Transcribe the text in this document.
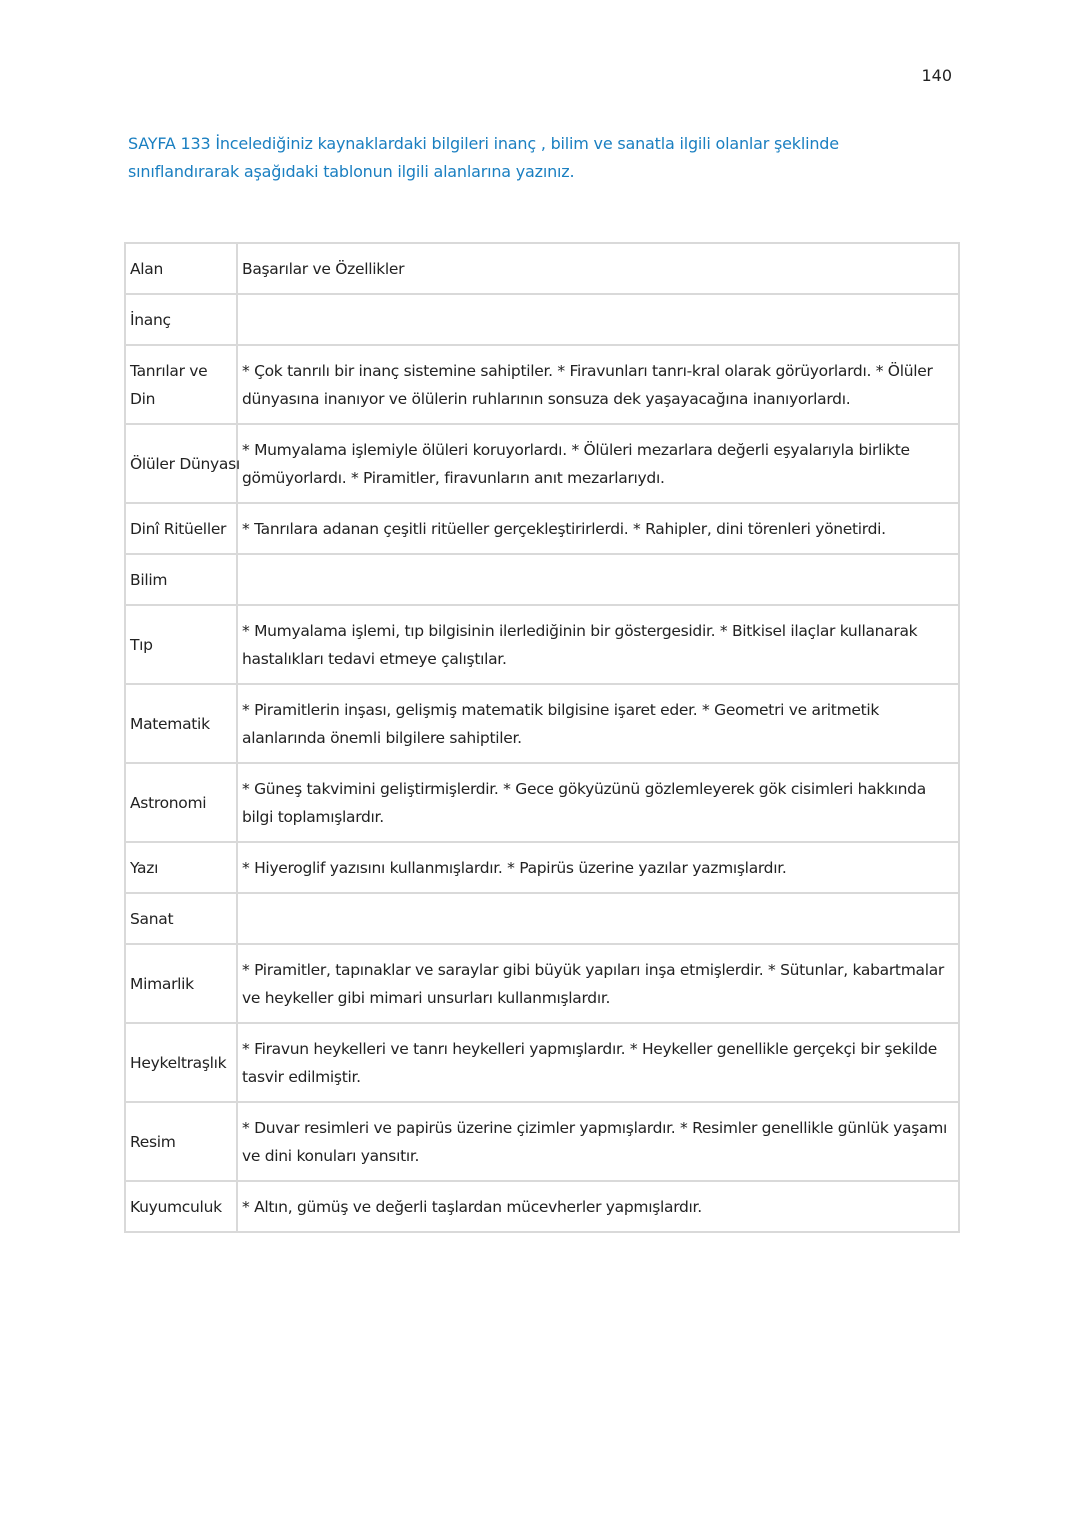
140
SAYFA 133 İncelediğiniz kaynaklardaki bilgileri inanç , bilim ve sanatla ilgili olanlar şeklinde sınıflandırarak aşağıdaki tablonun ilgili alanlarına yazınız.
Alan	Başarılar ve Özellikler
İnanç	
Tanrılar ve Din	* Çok tanrılı bir inanç sistemine sahiptiler. * Firavunları tanrı-kral olarak görüyorlardı. * Ölüler dünyasına inanıyor ve ölülerin ruhlarının sonsuza dek yaşayacağına inanıyorlardı.
Ölüler Dünyası	* Mumyalama işlemiyle ölüleri koruyorlardı. * Ölüleri mezarlara değerli eşyalarıyla birlikte gömüyorlardı. * Piramitler, firavunların anıt mezarlarıydı.
Dinî Ritüeller	* Tanrılara adanan çeşitli ritüeller gerçekleştirirlerdi. * Rahipler, dini törenleri yönetirdi.
Bilim	
Tıp	* Mumyalama işlemi, tıp bilgisinin ilerlediğinin bir göstergesidir. * Bitkisel ilaçlar kullanarak hastalıkları tedavi etmeye çalıştılar.
Matematik	* Piramitlerin inşası, gelişmiş matematik bilgisine işaret eder. * Geometri ve aritmetik alanlarında önemli bilgilere sahiptiler.
Astronomi	* Güneş takvimini geliştirmişlerdir. * Gece gökyüzünü gözlemleyerek gök cisimleri hakkında bilgi toplamışlardır.
Yazı	* Hiyeroglif yazısını kullanmışlardır. * Papirüs üzerine yazılar yazmışlardır.
Sanat	
Mimarlik	* Piramitler, tapınaklar ve saraylar gibi büyük yapıları inşa etmişlerdir. * Sütunlar, kabartmalar ve heykeller gibi mimari unsurları kullanmışlardır.
Heykeltraşlık	* Firavun heykelleri ve tanrı heykelleri yapmışlardır. * Heykeller genellikle gerçekçi bir şekilde tasvir edilmiştir.
Resim	* Duvar resimleri ve papirüs üzerine çizimler yapmışlardır. * Resimler genellikle günlük yaşamı ve dini konuları yansıtır.
Kuyumculuk	* Altın, gümüş ve değerli taşlardan mücevherler yapmışlardır.
